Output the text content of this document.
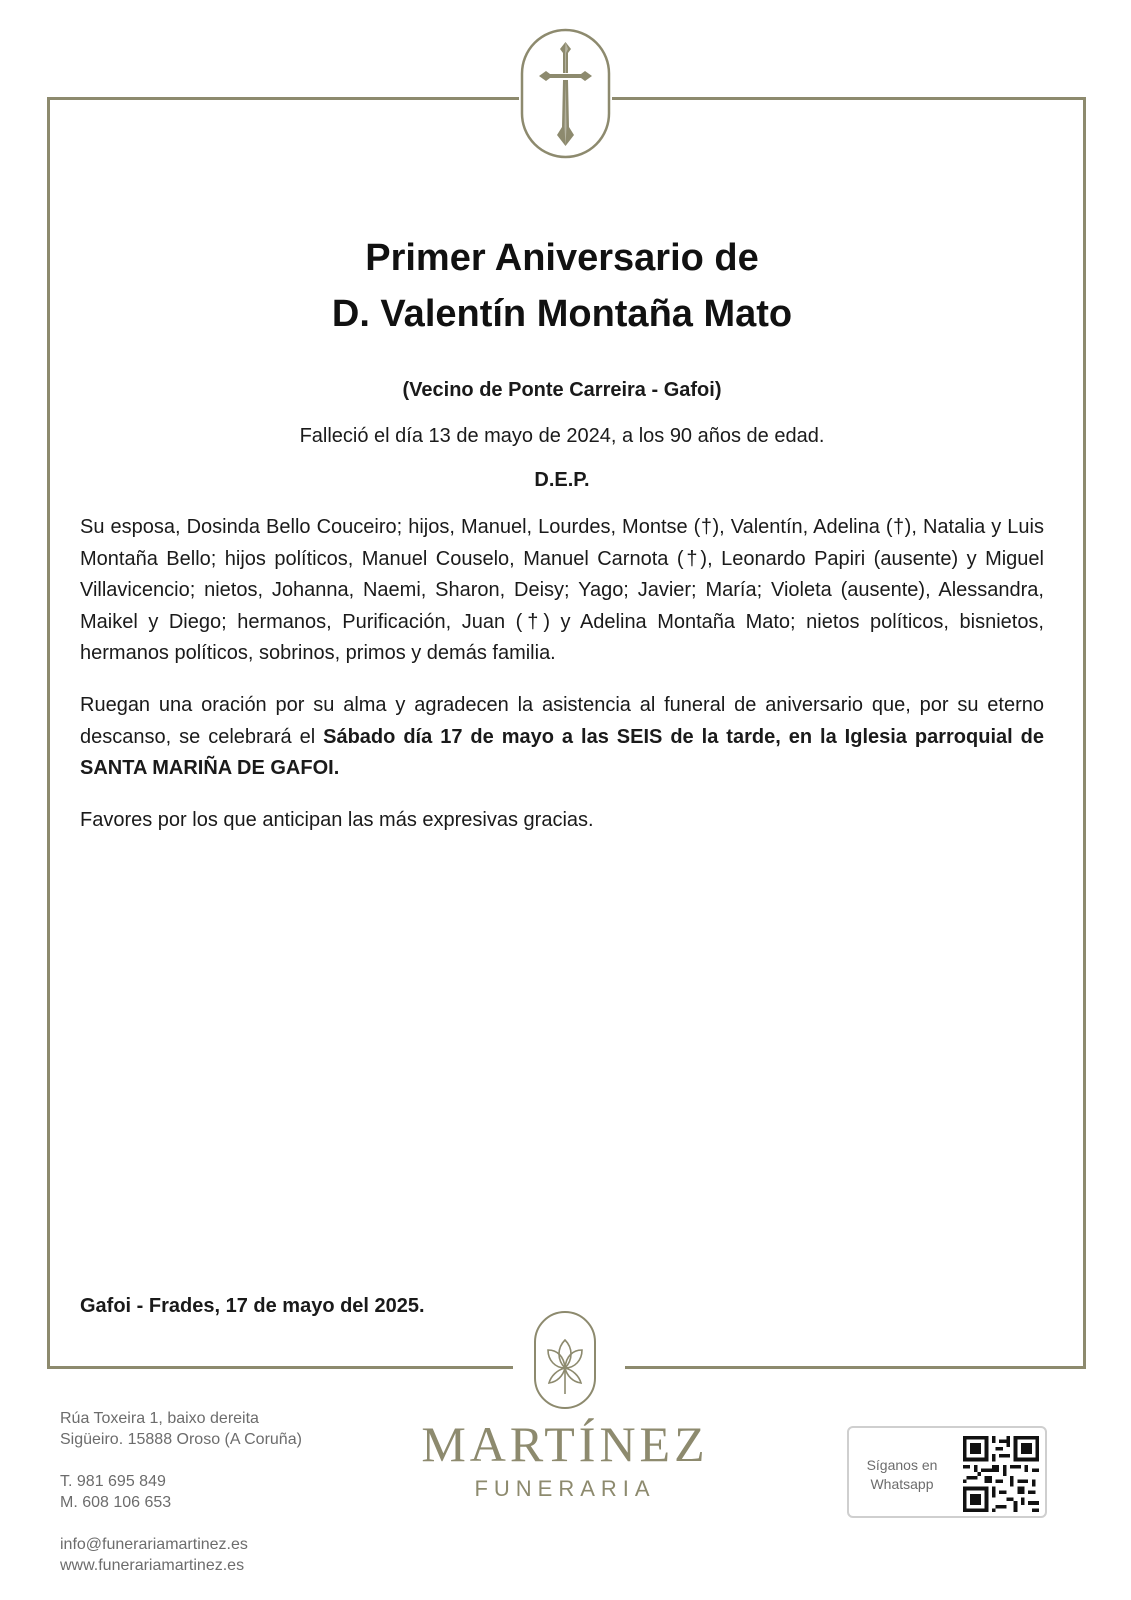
Primer Aniversario de
D. Valentín Montaña Mato

(Vecino de Ponte Carreira - Gafoi)

Falleció el día 13 de mayo de 2024, a los 90 años de edad.

D.E.P.

Su esposa, Dosinda Bello Couceiro; hijos, Manuel, Lourdes, Montse (†), Valentín, Adelina (†), Natalia y Luis Montaña Bello; hijos políticos, Manuel Couselo, Manuel Carnota (†), Leonardo Papiri (ausente) y Miguel Villavicencio; nietos, Johanna, Naemi, Sharon, Deisy; Yago; Javier; María; Violeta (ausente), Alessandra, Maikel y Diego; hermanos, Purificación, Juan (†) y Adelina Montaña Mato; nietos políticos, bisnietos, hermanos políticos, sobrinos, primos y demás familia.

Ruegan una oración por su alma y agradecen la asistencia al funeral de aniversario que, por su eterno descanso, se celebrará el Sábado día 17 de mayo a las SEIS de la tarde, en la Iglesia parroquial de SANTA MARIÑA DE GAFOI.

Favores por los que anticipan las más expresivas gracias.

Gafoi - Frades, 17 de mayo del 2025.
Rúa Toxeira 1, baixo dereita
Sigüeiro. 15888 Oroso (A Coruña)
T. 981 695 849
M. 608 106 653
info@funerariamartinez.es
www.funerariamartinez.es
MARTÍNEZ
FUNERARIA
Síganos en
Whatsapp
